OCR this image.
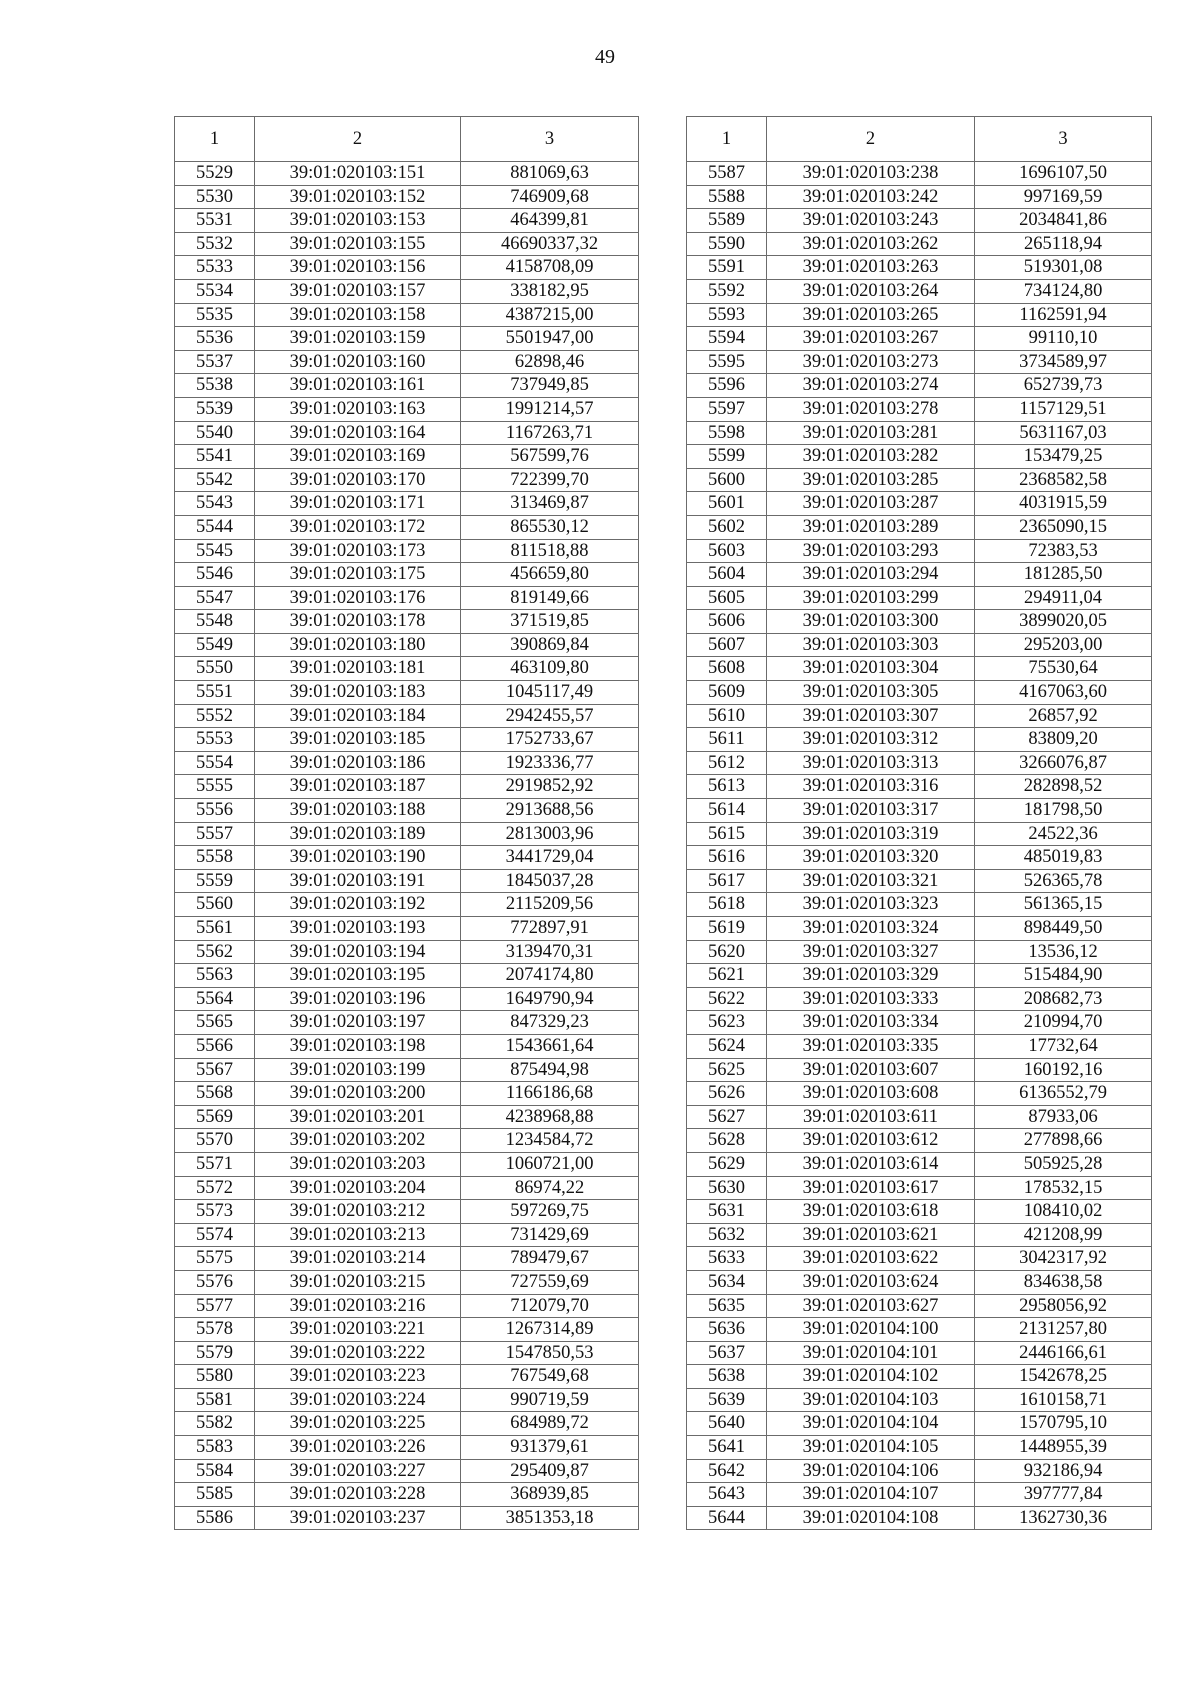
49
1	2	3
5529	39:01:020103:151	881069,63
5530	39:01:020103:152	746909,68
5531	39:01:020103:153	464399,81
5532	39:01:020103:155	46690337,32
5533	39:01:020103:156	4158708,09
5534	39:01:020103:157	338182,95
5535	39:01:020103:158	4387215,00
5536	39:01:020103:159	5501947,00
5537	39:01:020103:160	62898,46
5538	39:01:020103:161	737949,85
5539	39:01:020103:163	1991214,57
5540	39:01:020103:164	1167263,71
5541	39:01:020103:169	567599,76
5542	39:01:020103:170	722399,70
5543	39:01:020103:171	313469,87
5544	39:01:020103:172	865530,12
5545	39:01:020103:173	811518,88
5546	39:01:020103:175	456659,80
5547	39:01:020103:176	819149,66
5548	39:01:020103:178	371519,85
5549	39:01:020103:180	390869,84
5550	39:01:020103:181	463109,80
5551	39:01:020103:183	1045117,49
5552	39:01:020103:184	2942455,57
5553	39:01:020103:185	1752733,67
5554	39:01:020103:186	1923336,77
5555	39:01:020103:187	2919852,92
5556	39:01:020103:188	2913688,56
5557	39:01:020103:189	2813003,96
5558	39:01:020103:190	3441729,04
5559	39:01:020103:191	1845037,28
5560	39:01:020103:192	2115209,56
5561	39:01:020103:193	772897,91
5562	39:01:020103:194	3139470,31
5563	39:01:020103:195	2074174,80
5564	39:01:020103:196	1649790,94
5565	39:01:020103:197	847329,23
5566	39:01:020103:198	1543661,64
5567	39:01:020103:199	875494,98
5568	39:01:020103:200	1166186,68
5569	39:01:020103:201	4238968,88
5570	39:01:020103:202	1234584,72
5571	39:01:020103:203	1060721,00
5572	39:01:020103:204	86974,22
5573	39:01:020103:212	597269,75
5574	39:01:020103:213	731429,69
5575	39:01:020103:214	789479,67
5576	39:01:020103:215	727559,69
5577	39:01:020103:216	712079,70
5578	39:01:020103:221	1267314,89
5579	39:01:020103:222	1547850,53
5580	39:01:020103:223	767549,68
5581	39:01:020103:224	990719,59
5582	39:01:020103:225	684989,72
5583	39:01:020103:226	931379,61
5584	39:01:020103:227	295409,87
5585	39:01:020103:228	368939,85
5586	39:01:020103:237	3851353,18
1	2	3
5587	39:01:020103:238	1696107,50
5588	39:01:020103:242	997169,59
5589	39:01:020103:243	2034841,86
5590	39:01:020103:262	265118,94
5591	39:01:020103:263	519301,08
5592	39:01:020103:264	734124,80
5593	39:01:020103:265	1162591,94
5594	39:01:020103:267	99110,10
5595	39:01:020103:273	3734589,97
5596	39:01:020103:274	652739,73
5597	39:01:020103:278	1157129,51
5598	39:01:020103:281	5631167,03
5599	39:01:020103:282	153479,25
5600	39:01:020103:285	2368582,58
5601	39:01:020103:287	4031915,59
5602	39:01:020103:289	2365090,15
5603	39:01:020103:293	72383,53
5604	39:01:020103:294	181285,50
5605	39:01:020103:299	294911,04
5606	39:01:020103:300	3899020,05
5607	39:01:020103:303	295203,00
5608	39:01:020103:304	75530,64
5609	39:01:020103:305	4167063,60
5610	39:01:020103:307	26857,92
5611	39:01:020103:312	83809,20
5612	39:01:020103:313	3266076,87
5613	39:01:020103:316	282898,52
5614	39:01:020103:317	181798,50
5615	39:01:020103:319	24522,36
5616	39:01:020103:320	485019,83
5617	39:01:020103:321	526365,78
5618	39:01:020103:323	561365,15
5619	39:01:020103:324	898449,50
5620	39:01:020103:327	13536,12
5621	39:01:020103:329	515484,90
5622	39:01:020103:333	208682,73
5623	39:01:020103:334	210994,70
5624	39:01:020103:335	17732,64
5625	39:01:020103:607	160192,16
5626	39:01:020103:608	6136552,79
5627	39:01:020103:611	87933,06
5628	39:01:020103:612	277898,66
5629	39:01:020103:614	505925,28
5630	39:01:020103:617	178532,15
5631	39:01:020103:618	108410,02
5632	39:01:020103:621	421208,99
5633	39:01:020103:622	3042317,92
5634	39:01:020103:624	834638,58
5635	39:01:020103:627	2958056,92
5636	39:01:020104:100	2131257,80
5637	39:01:020104:101	2446166,61
5638	39:01:020104:102	1542678,25
5639	39:01:020104:103	1610158,71
5640	39:01:020104:104	1570795,10
5641	39:01:020104:105	1448955,39
5642	39:01:020104:106	932186,94
5643	39:01:020104:107	397777,84
5644	39:01:020104:108	1362730,36
